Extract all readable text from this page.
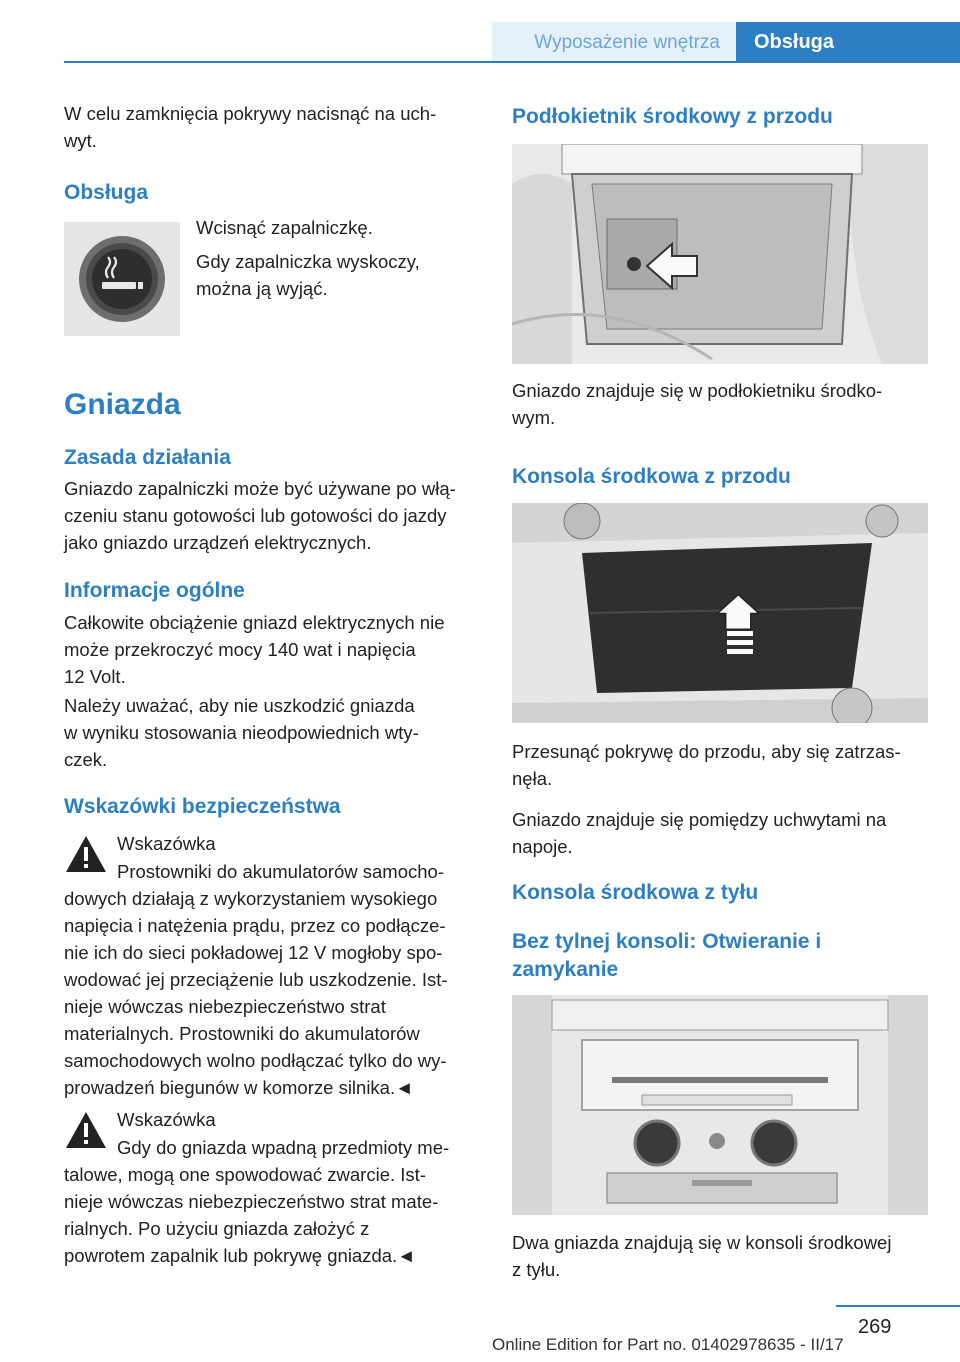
Wyposażenie wnętrza Obsługa
W celu zamknięcia pokrywy nacisnąć na uch-
wyt.
Obsługa
Wcisnąć zapalniczkę.
Gdy zapalniczka wyskoczy,
można ją wyjąć.
Gniazda
Zasada działania
Gniazdo zapalniczki może być używane po włą-
czeniu stanu gotowości lub gotowości do jazdy
jako gniazdo urządzeń elektrycznych.
Informacje ogólne
Całkowite obciążenie gniazd elektrycznych nie
może przekroczyć mocy 140 wat i napięcia
12 Volt.
Należy uważać, aby nie uszkodzić gniazda
w wyniku stosowania nieodpowiednich wty-
czek.
Wskazówki bezpieczeństwa
Wskazówka
Prostowniki do akumulatorów samocho-
dowych działają z wykorzystaniem wysokiego
napięcia i natężenia prądu, przez co podłącze-
nie ich do sieci pokładowej 12 V mogłoby spo-
wodować jej przeciążenie lub uszkodzenie. Ist-
nieje wówczas niebezpieczeństwo strat
materialnych. Prostowniki do akumulatorów
samochodowych wolno podłączać tylko do wy-
prowadzeń biegunów w komorze silnika.◄
Wskazówka
Gdy do gniazda wpadną przedmioty me-
talowe, mogą one spowodować zwarcie. Ist-
nieje wówczas niebezpieczeństwo strat mate-
rialnych. Po użyciu gniazda założyć z
powrotem zapalnik lub pokrywę gniazda.◄
Podłokietnik środkowy z przodu
Gniazdo znajduje się w podłokietniku środko-
wym.
Konsola środkowa z przodu
Przesunąć pokrywę do przodu, aby się zatrzas-
nęła.
Gniazdo znajduje się pomiędzy uchwytami na
napoje.
Konsola środkowa z tyłu
Bez tylnej konsoli: Otwieranie i
zamykanie
Dwa gniazda znajdują się w konsoli środkowej
z tyłu.
269
Online Edition for Part no. 01402978635 - II/17
